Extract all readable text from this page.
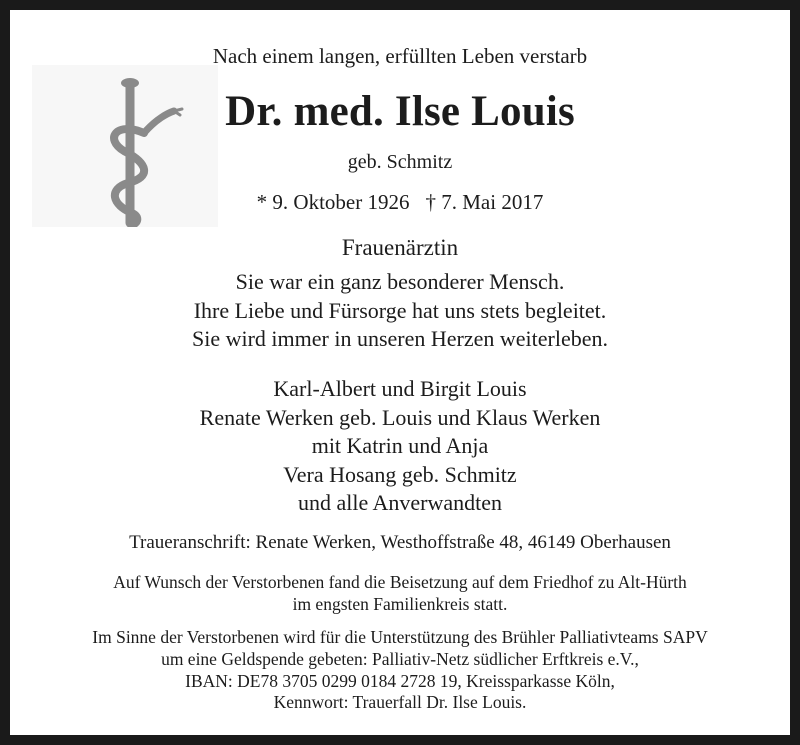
Nach einem langen, erfüllten Leben verstarb
Dr. med. Ilse Louis
geb. Schmitz
* 9. Oktober 1926 † 7. Mai 2017
Frauenärztin
Sie war ein ganz besonderer Mensch.
Ihre Liebe und Fürsorge hat uns stets begleitet.
Sie wird immer in unseren Herzen weiterleben.
Karl-Albert und Birgit Louis
Renate Werken geb. Louis und Klaus Werken
mit Katrin und Anja
Vera Hosang geb. Schmitz
und alle Anverwandten
Traueranschrift: Renate Werken, Westhoffstraße 48, 46149 Oberhausen
Auf Wunsch der Verstorbenen fand die Beisetzung auf dem Friedhof zu Alt-Hürth
im engsten Familienkreis statt.
Im Sinne der Verstorbenen wird für die Unterstützung des Brühler Palliativteams SAPV
um eine Geldspende gebeten: Palliativ-Netz südlicher Erftkreis e.V.,
IBAN: DE78 3705 0299 0184 2728 19, Kreissparkasse Köln,
Kennwort: Trauerfall Dr. Ilse Louis.
